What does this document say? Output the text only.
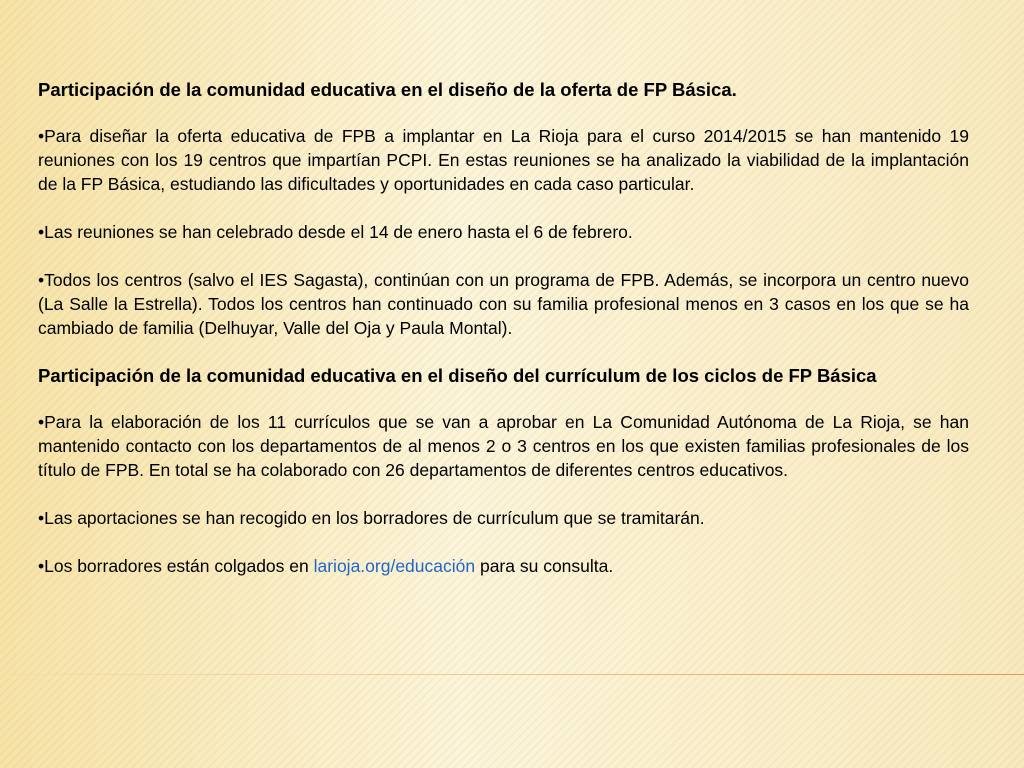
Participación de la comunidad educativa en el diseño de la oferta de FP Básica.

•Para diseñar la oferta educativa de FPB a implantar en La Rioja para el curso 2014/2015 se han mantenido 19 reuniones con los 19 centros que impartían PCPI. En estas reuniones se ha analizado la viabilidad de la implantación de la FP Básica, estudiando las dificultades y oportunidades en cada caso particular.

•Las reuniones se han celebrado desde el 14 de enero hasta el 6 de febrero.

•Todos los centros (salvo el IES Sagasta), continúan con un programa de FPB. Además, se incorpora un centro nuevo (La Salle la Estrella). Todos los centros han continuado con su familia profesional menos en 3 casos en los que se ha cambiado de familia (Delhuyar, Valle del Oja y Paula Montal).

Participación de la comunidad educativa en el diseño del currículum de los ciclos de FP Básica

•Para la elaboración de los 11 currículos que se van a aprobar en La Comunidad Autónoma de La Rioja, se han mantenido contacto con los departamentos de al menos 2 o 3 centros en los que existen familias profesionales de los título de FPB. En total se ha colaborado con 26 departamentos de diferentes centros educativos.

•Las aportaciones se han recogido en los borradores de currículum que se tramitarán.

•Los borradores están colgados en larioja.org/educación para su consulta.
